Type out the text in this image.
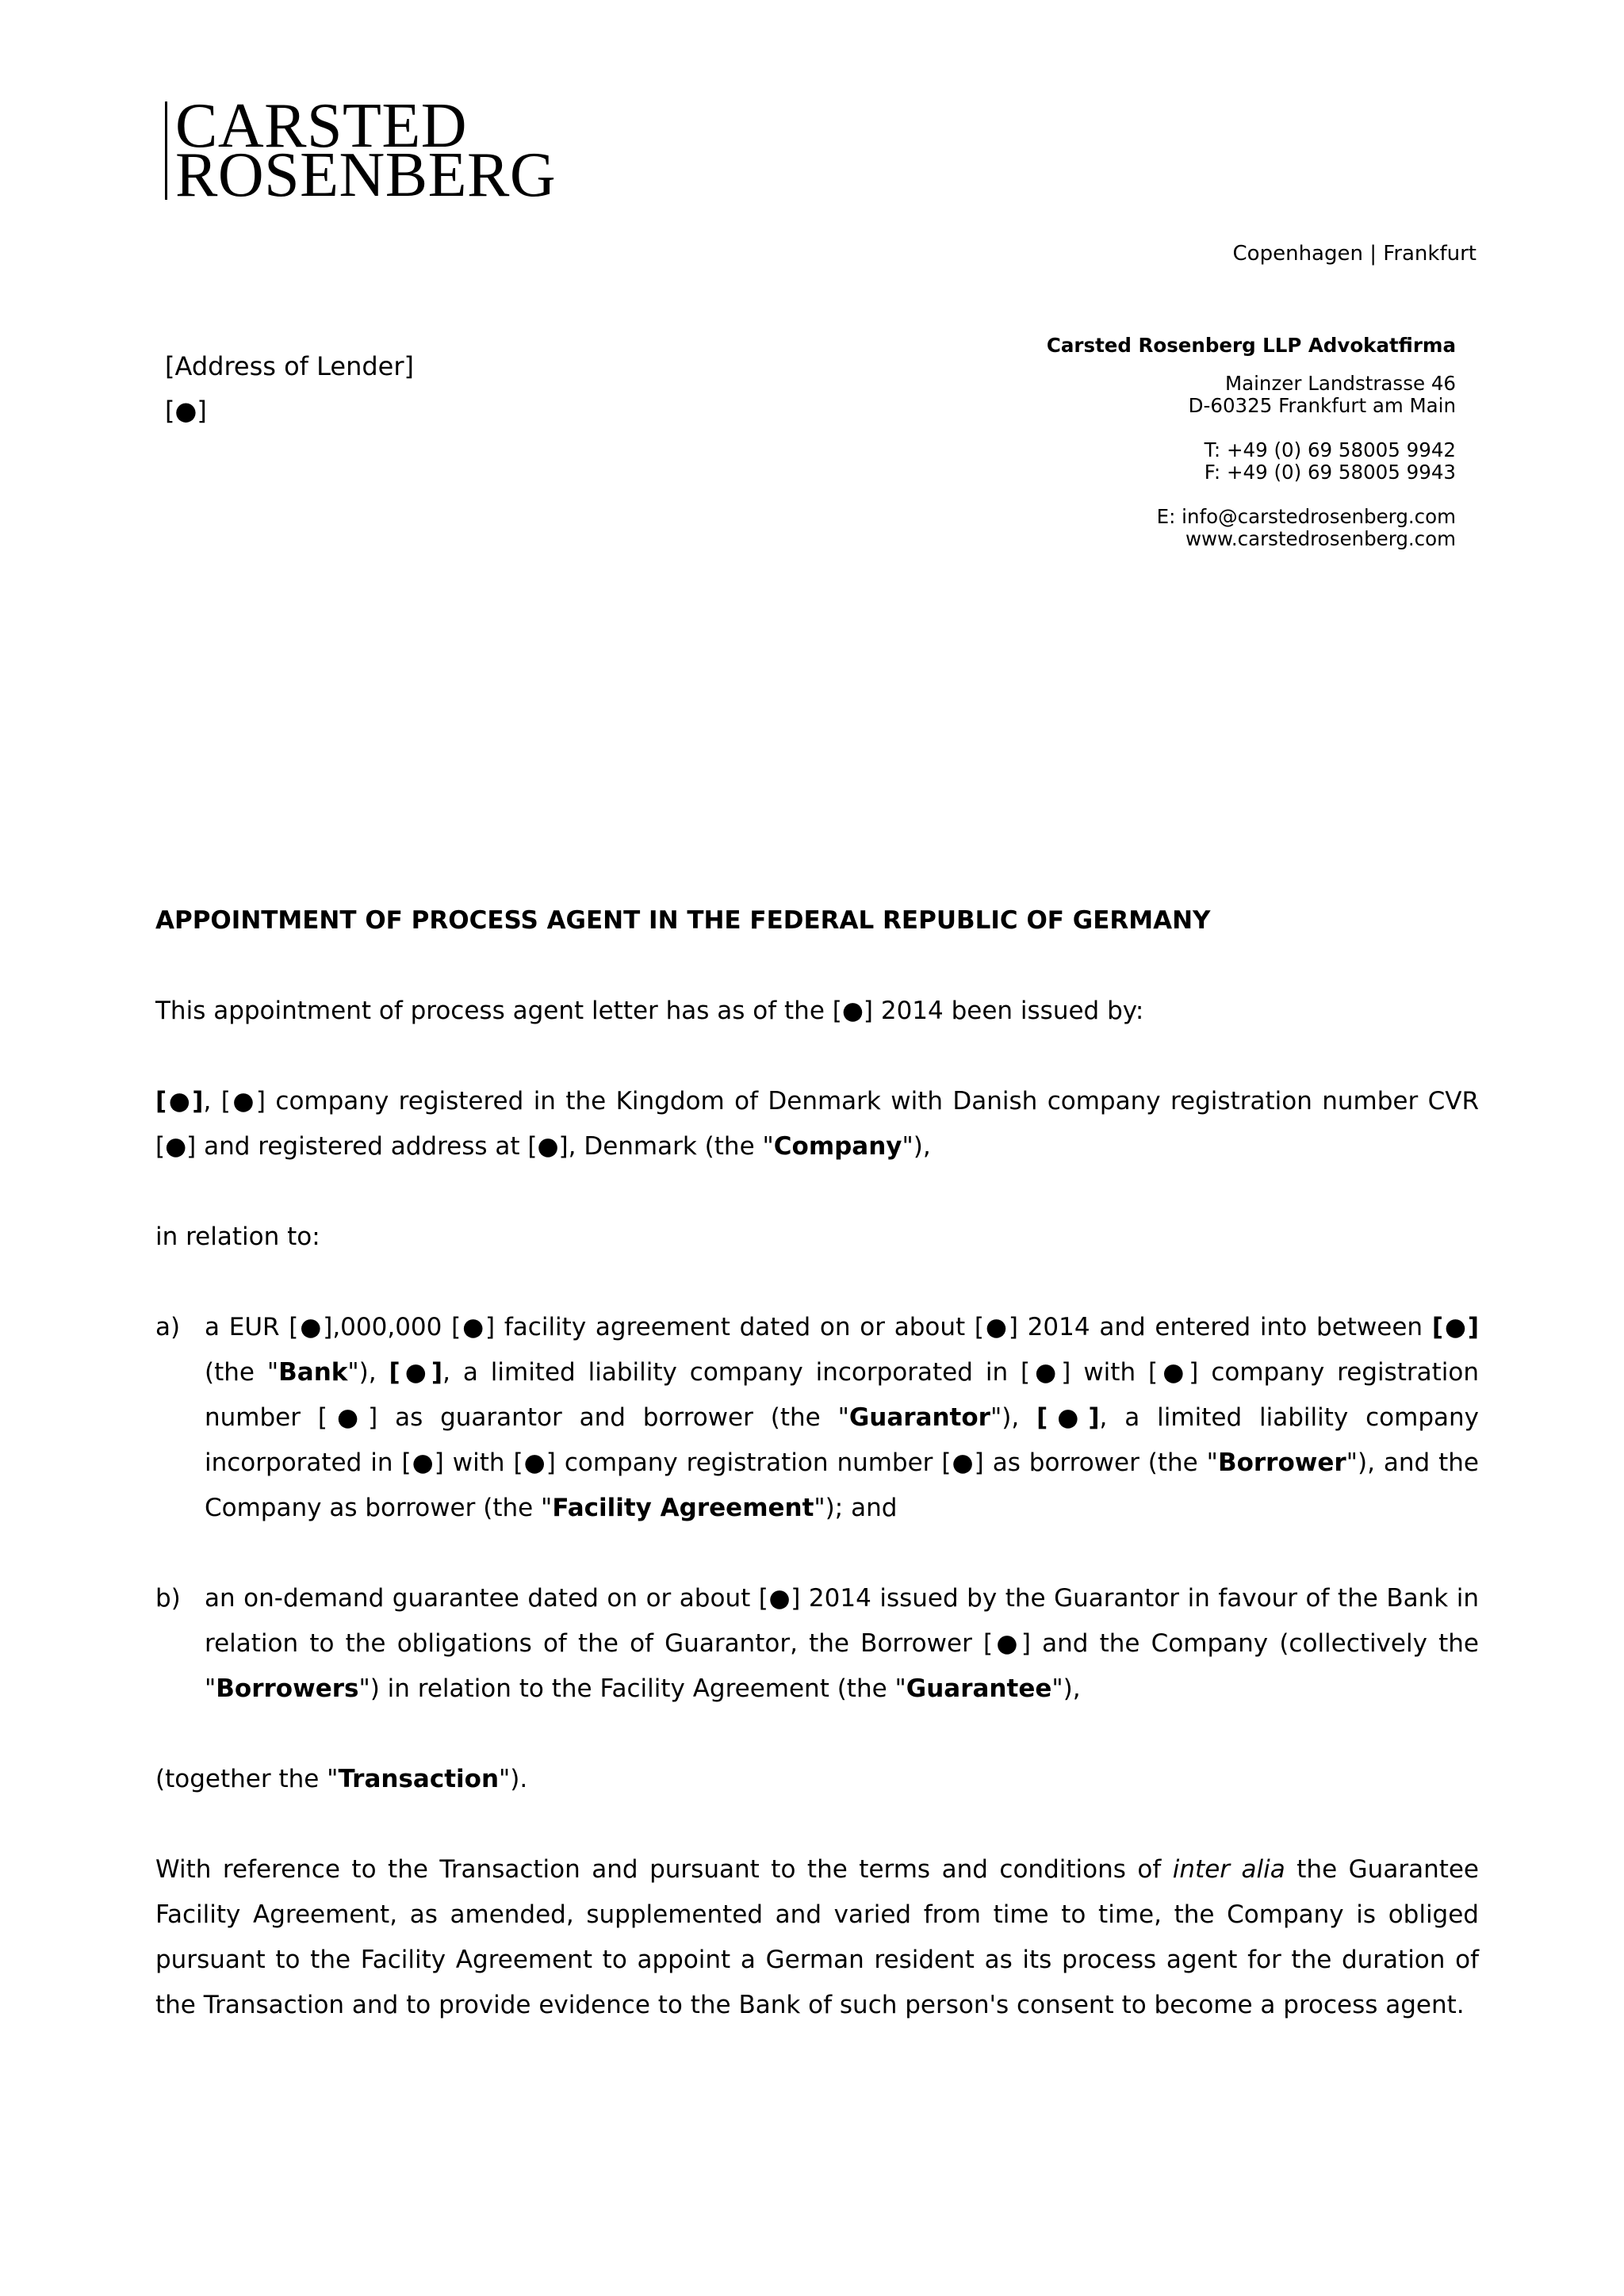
CARSTED
ROSENBERG
Copenhagen | Frankfurt
[Address of Lender]
[●]
Carsted Rosenberg LLP Advokatfirma
Mainzer Landstrasse 46
D-60325 Frankfurt am Main
T: +49 (0) 69 58005 9942
F: +49 (0) 69 58005 9943
E: info@carstedrosenberg.com
www.carstedrosenberg.com

APPOINTMENT OF PROCESS AGENT IN THE FEDERAL REPUBLIC OF GERMANY

This appointment of process agent letter has as of the [●] 2014 been issued by:

[●], [●] company registered in the Kingdom of Denmark with Danish company registration number CVR [●] and registered address at [●], Denmark (the "Company"),

in relation to:

a) a EUR [●],000,000 [●] facility agreement dated on or about [●] 2014 and entered into between [●] (the "Bank"), [●], a limited liability company incorporated in [●] with [●] company registration number [●] as guarantor and borrower (the "Guarantor"), [●], a limited liability company incorporated in [●] with [●] company registration number [●] as borrower (the "Borrower"), and the Company as borrower (the "Facility Agreement"); and
b) an on-demand guarantee dated on or about [●] 2014 issued by the Guarantor in favour of the Bank in relation to the obligations of the of Guarantor, the Borrower [●] and the Company (collectively the "Borrowers") in relation to the Facility Agreement (the "Guarantee"),

(together the "Transaction").

With reference to the Transaction and pursuant to the terms and conditions of inter alia the Guarantee Facility Agreement, as amended, supplemented and varied from time to time, the Company is obliged pursuant to the Facility Agreement to appoint a German resident as its process agent for the duration of the Transaction and to provide evidence to the Bank of such person's consent to become a process agent.
